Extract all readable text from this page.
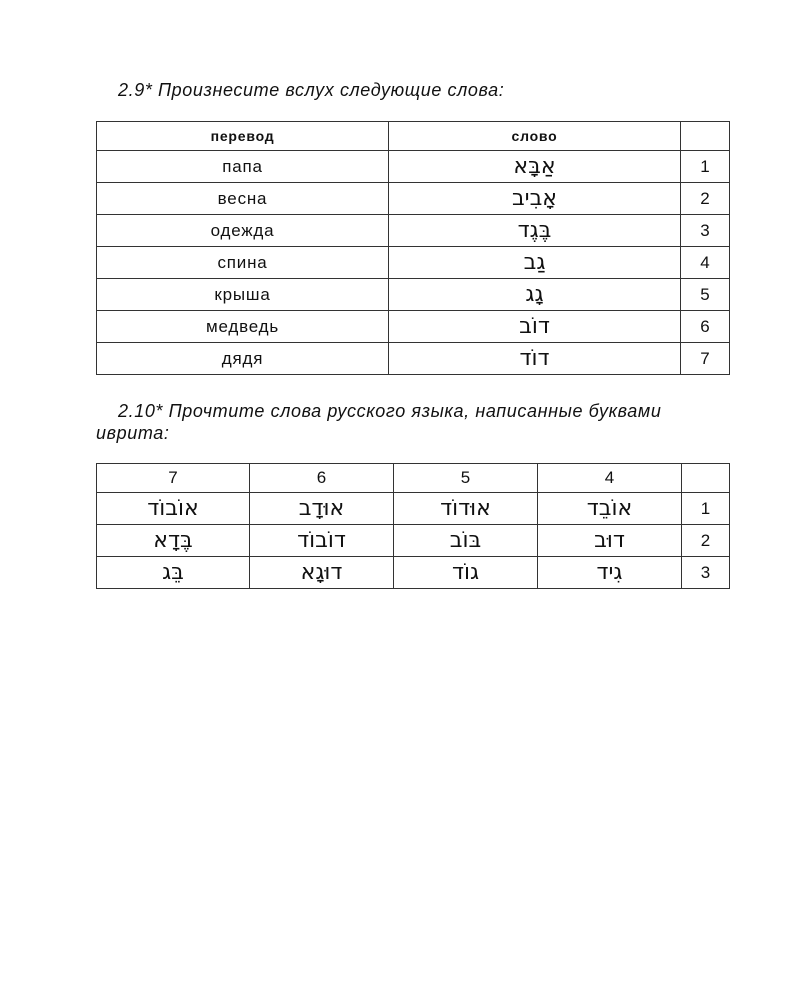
2.9* Произнесите вслух следующие слова:
перевод	слово	
папа	אַבָּא	1
весна	אָבִיב	2
одежда	בֶּגֶד	3
спина	גַב	4
крыша	גָג	5
медведь	דוֹב	6
дядя	דוֹד	7
2.10* Прочтите слова русского языка, написанные буквами иврита:
7	6	5	4	
אוֹבוֹד	אוּדָב	אוּדוֹד	אוֹבֵד	1
בֶּדָא	דוֹבוֹד	בּוֹב	דוּב	2
בֵּג	דוּגָא	גוֹד	גִיד	3
